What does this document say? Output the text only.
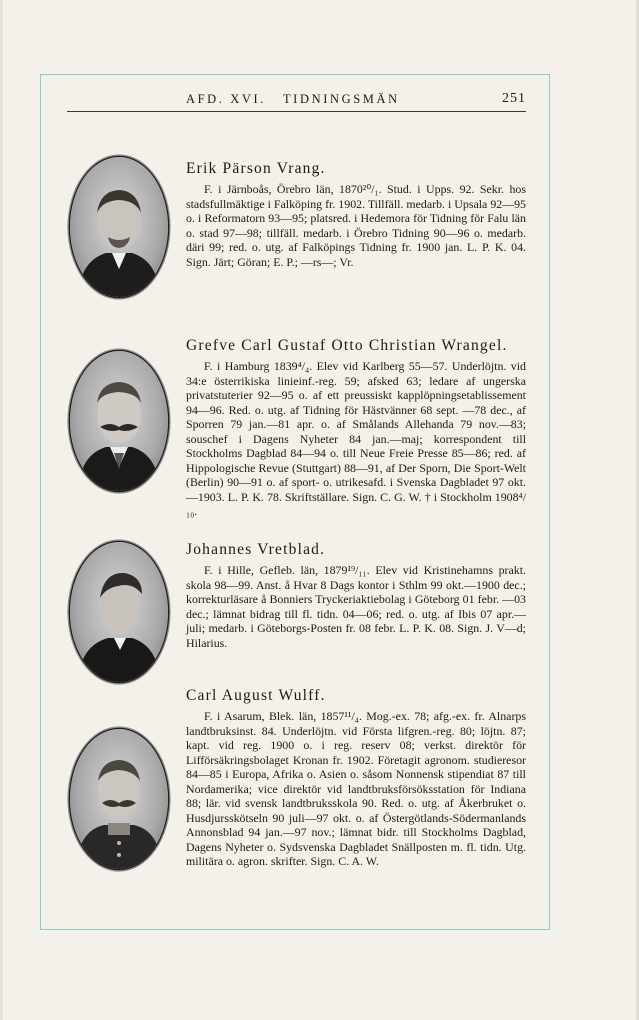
AFD. XVI.   TIDNINGSMÄN	251

Erik Pärson Vrang.

F. i Järnboås, Örebro län, 1870²⁰/₁. Stud. i Upps. 92. Sekr. hos stadsfullmäktige i Falköping fr. 1902. Tillfäll. medarb. i Upsala 92—95 o. i Reformatorn 93—95; platsred. i Hedemora för Tidning för Falu län o. stad 97—98; tillfäll. medarb. i Örebro Tidning 90—96 o. medarb. däri 99; red. o. utg. af Falköpings Tidning fr. 1900 jan. L. P. K. 04. Sign. Järt; Göran; E. P.; —rs—; Vr.

Grefve Carl Gustaf Otto Christian Wrangel.

F. i Hamburg 1839⁴/₄. Elev vid Karlberg 55—57. Underlöjtn. vid 34:e österrikiska linieinf.-reg. 59; afsked 63; ledare af ungerska privatstuterier 92—95 o. af ett preussiskt kapplöpningsetablissement 94—96. Red. o. utg. af Tidning för Hästvänner 68 sept. —78 dec., af Sporren 79 jan.—81 apr. o. af Smålands Allehanda 79 nov.—83; souschef i Dagens Nyheter 84 jan.—maj; korrespondent till Stockholms Dagblad 84—94 o. till Neue Freie Presse 85—86; red. af Hippologische Revue (Stuttgart) 88—91, af Der Sporn, Die Sport-Welt (Berlin) 90—91 o. af sport- o. utrikesafd. i Svenska Dagbladet 97 okt.—1903. L. P. K. 78. Skriftställare. Sign. C. G. W. † i Stockholm 1908⁴/₁₀.

Johannes Vretblad.

F. i Hille, Gefleb. län, 1879¹⁹/₁₁. Elev vid Kristinehamns prakt. skola 98—99. Anst. å Hvar 8 Dags kontor i Sthlm 99 okt.—1900 dec.; korrekturläsare å Bonniers Tryckeriaktiebolag i Göteborg 01 febr. —03 dec.; lämnat bidrag till fl. tidn. 04—06; red. o. utg. af Ibis 07 apr.—juli; medarb. i Göteborgs-Posten fr. 08 febr. L. P. K. 08. Sign. J. V—d; Hilarius.

Carl August Wulff.

F. i Asarum, Blek. län, 1857¹¹/₄. Mog.-ex. 78; afg.-ex. fr. Alnarps landtbruksinst. 84. Underlöjtn. vid Första lifgren.-reg. 80; löjtn. 87; kapt. vid reg. 1900 o. i reg. reserv 08; verkst. direktör för Lifförsäkringsbolaget Kronan fr. 1902. Företagit agronom. studieresor 84—85 i Europa, Afrika o. Asien o. såsom Nonnensk stipendiat 87 till Nordamerika; vice direktör vid landtbruksförsöksstation för Indiana 88; lär. vid svensk landtbruksskola 90. Red. o. utg. af Åkerbruket o. Husdjursskötseln 90 juli—97 okt. o. af Östergötlands-Södermanlands Annonsblad 94 jan.—97 nov.; lämnat bidr. till Stockholms Dagblad, Dagens Nyheter o. Sydsvenska Dagbladet Snällposten m. fl. tidn. Utg. militära o. agron. skrifter. Sign. C. A. W.
